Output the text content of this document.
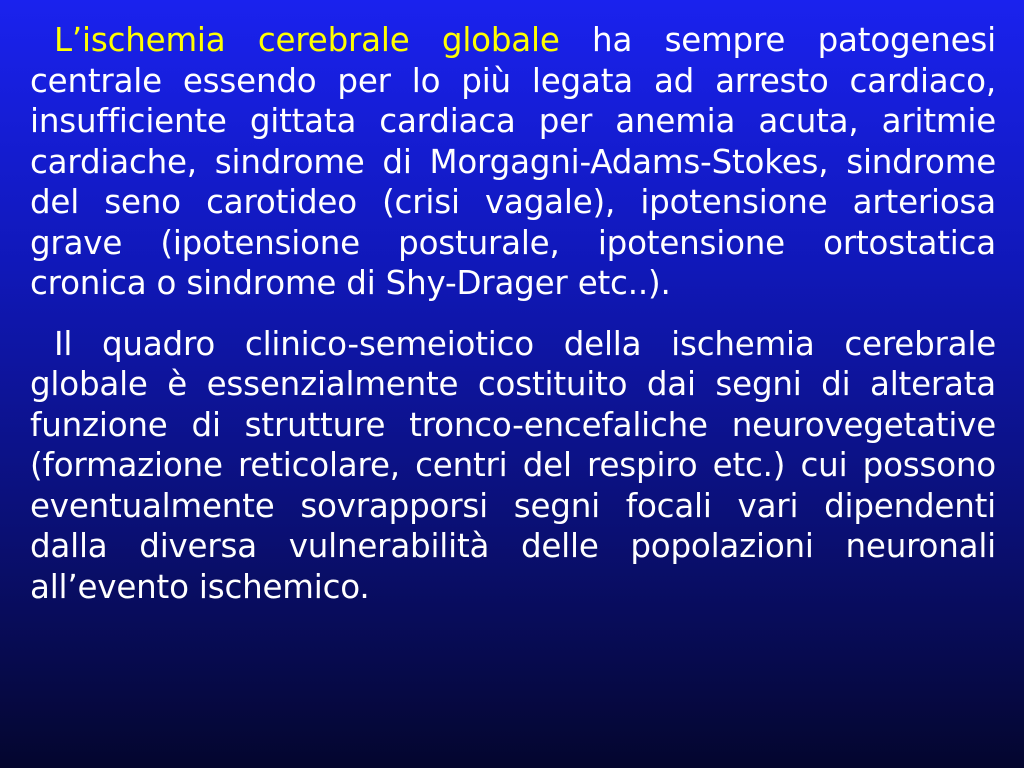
L’ischemia cerebrale globale ha sempre patogenesi centrale essendo per lo più legata ad arresto cardiaco, insufficiente gittata cardiaca per anemia acuta, aritmie cardiache, sindrome di Morgagni-Adams-Stokes, sindrome del seno carotideo (crisi vagale), ipotensione arteriosa grave (ipotensione posturale, ipotensione ortostatica cronica o sindrome di Shy-Drager etc..).

Il quadro clinico-semeiotico della ischemia cerebrale globale è essenzialmente costituito dai segni di alterata funzione di strutture tronco-encefaliche neurovegetative (formazione reticolare, centri del respiro etc.) cui possono eventualmente sovrapporsi segni focali vari dipendenti dalla diversa vulnerabilità delle popolazioni neuronali all’evento ischemico.
